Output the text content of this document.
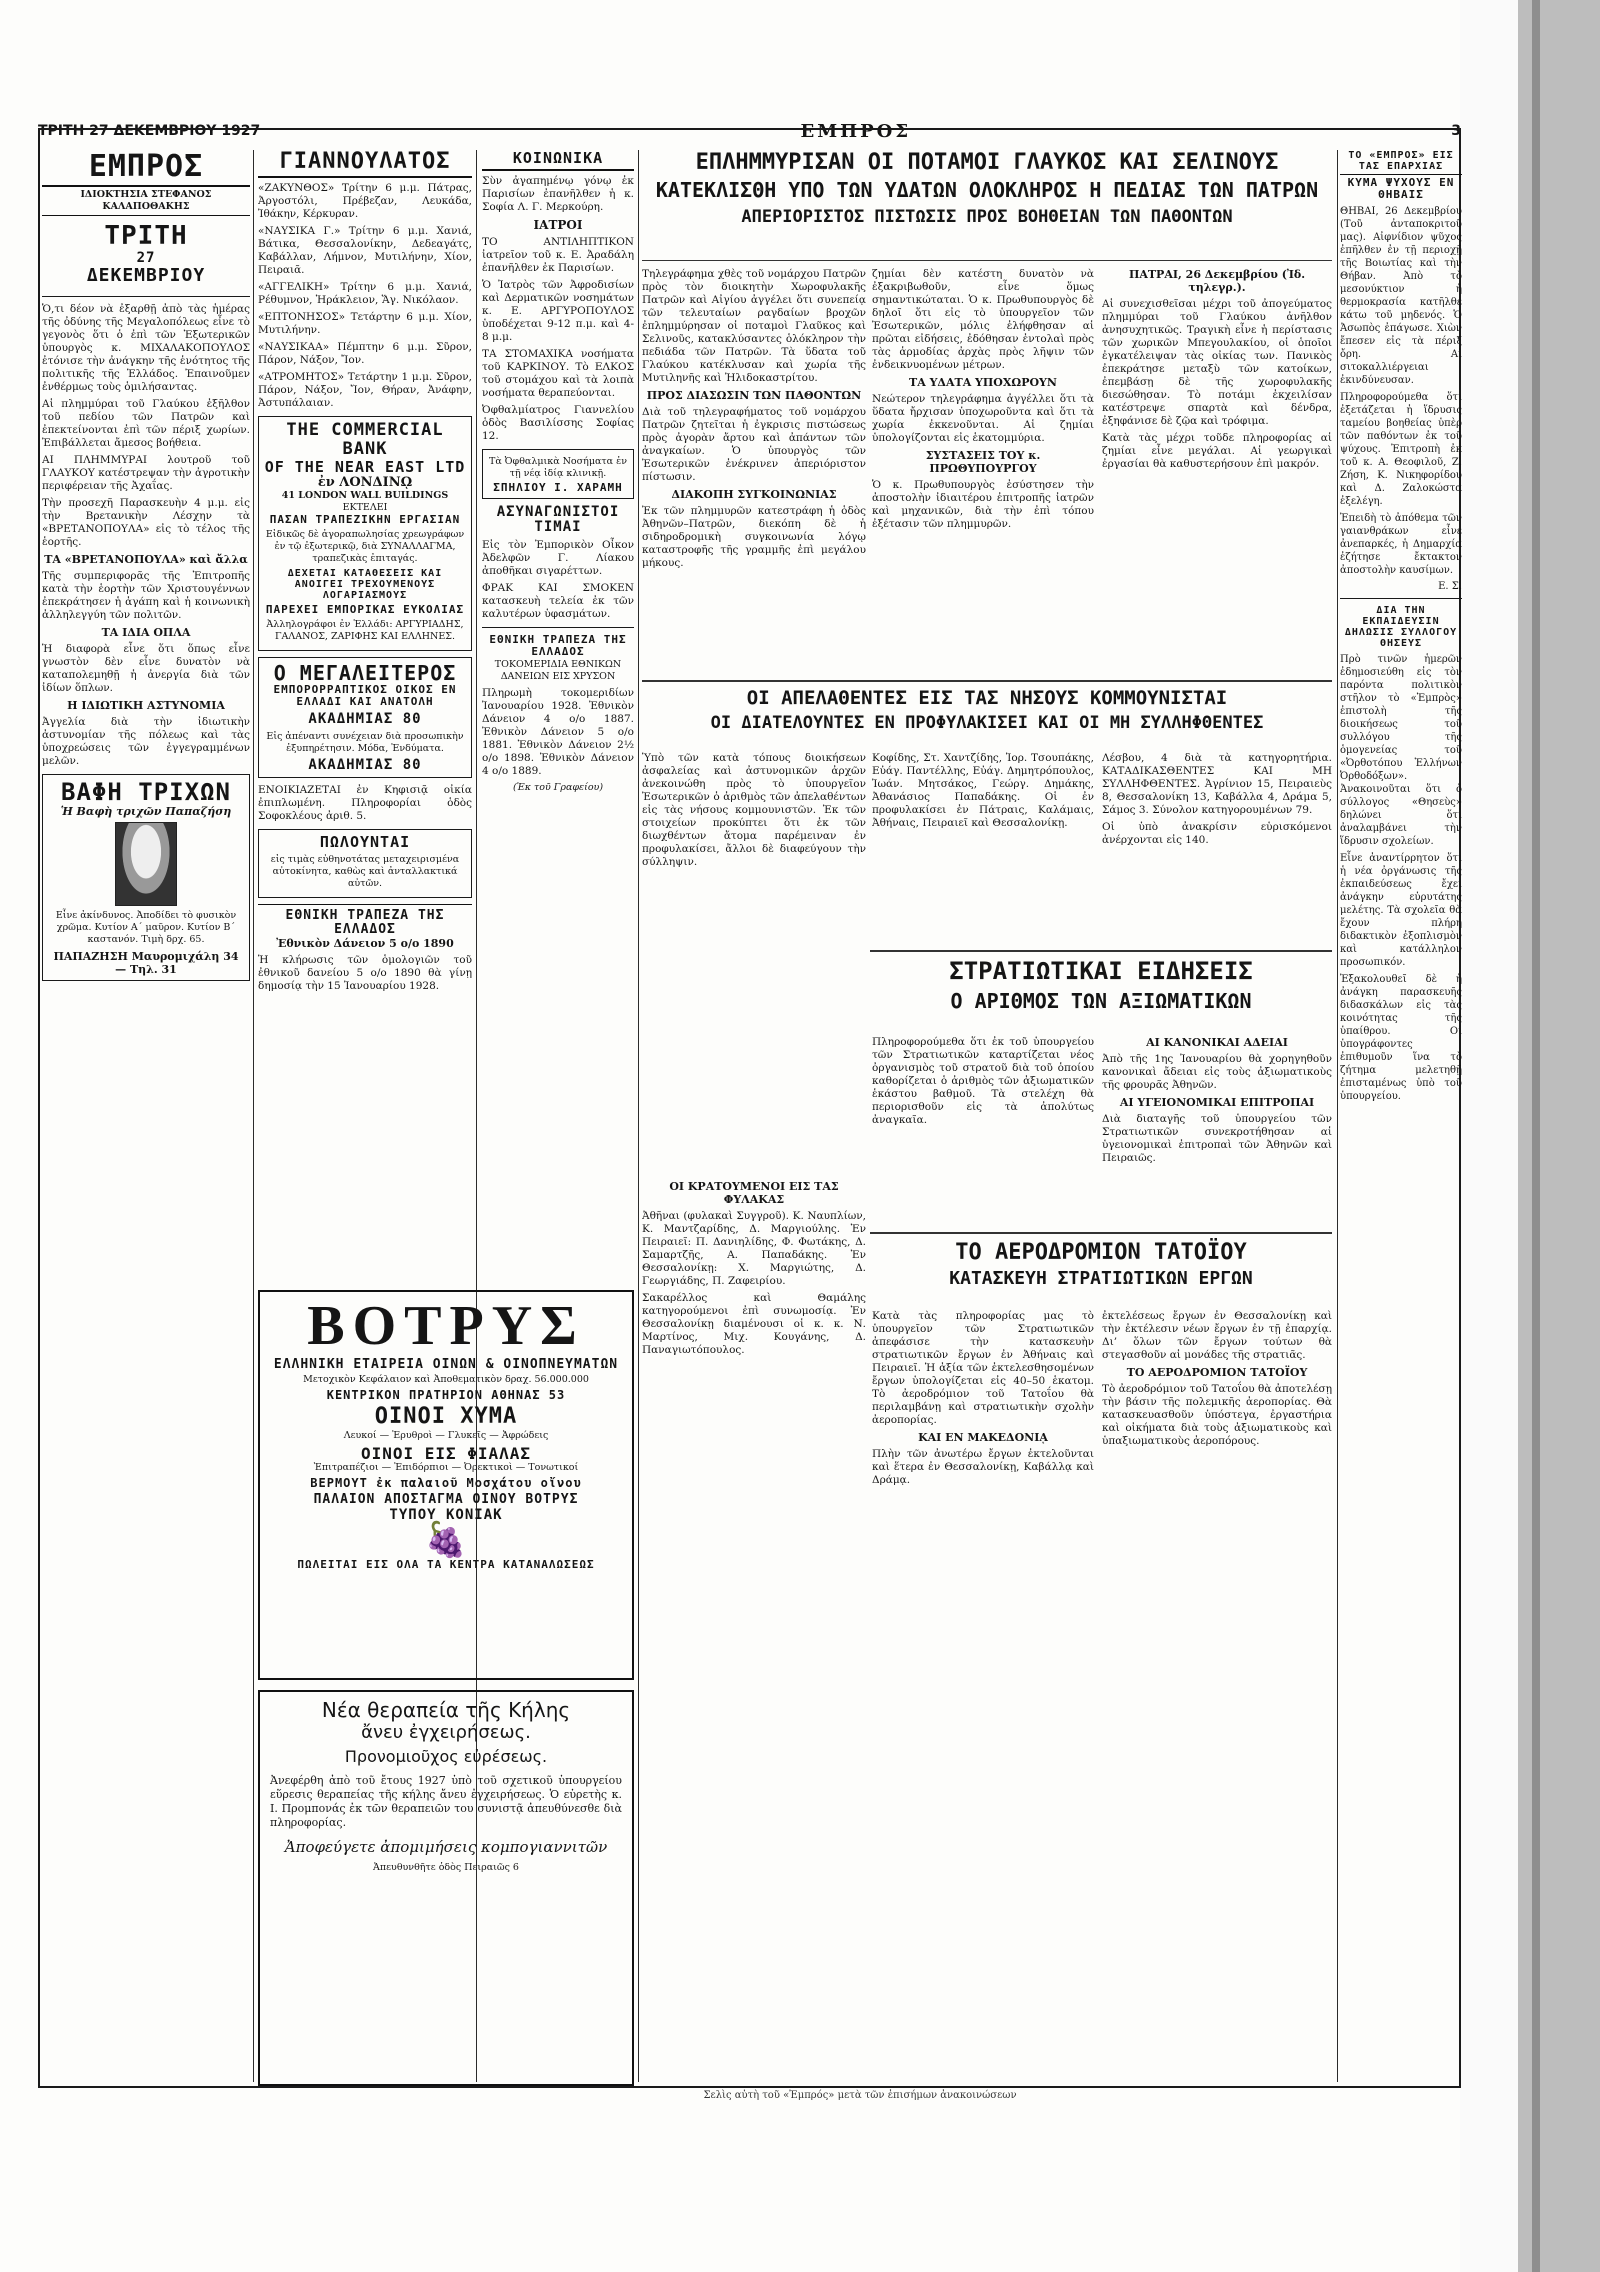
ΤΡΙΤΗ 27 ΔΕΚΕΜΒΡΙΟΥ 1927	ΕΜΠΡΟΣ	3
ΕΜΠΡΟΣ
ΙΔΙΟΚΤΗΣΙΑ ΣΤΕΦΑΝΟΣ ΚΑΛΑΠΟΘΑΚΗΣ
ΤΡΙΤΗ
27
ΔΕΚΕΜΒΡΙΟΥ

Ὁ,τι δέον νὰ ἐξαρθῇ ἀπὸ τὰς ἡμέρας τῆς ὀδύνης τῆς Μεγαλοπόλεως εἶνε τὸ γεγονὸς ὅτι ὁ ἐπὶ τῶν Ἐξωτερικῶν ὑπουργὸς κ. ΜΙΧΑΛΑΚΟΠΟΥΛΟΣ ἐτόνισε τὴν ἀνάγκην τῆς ἑνότητος τῆς πολιτικῆς τῆς Ἑλλάδος. Ἐπαινοῦμεν ἐνθέρμως τοὺς ὁμιλήσαντας.

Αἱ πλημμύραι τοῦ Γλαύκου ἐξῆλθον τοῦ πεδίου τῶν Πατρῶν καὶ ἐπεκτείνονται ἐπὶ τῶν πέριξ χωρίων. Ἐπιβάλλεται ἄμεσος βοήθεια.

ΑΙ ΠΛΗΜΜΥΡΑΙ λουτροῦ τοῦ ΓΛΑΥΚΟΥ κατέστρεψαν τὴν ἀγροτικὴν περιφέρειαν τῆς Ἀχαΐας.

Τὴν προσεχῆ Παρασκευὴν 4 μ.μ. εἰς τὴν Βρετανικὴν Λέσχην τὰ «ΒΡΕΤΑΝΟΠΟΥΛΑ» εἰς τὸ τέλος τῆς ἑορτῆς.

ΤΑ «ΒΡΕΤΑΝΟΠΟΥΛΑ» καὶ ἄλλα

Τῆς συμπεριφορᾶς τῆς Ἐπιτροπῆς κατὰ τὴν ἑορτὴν τῶν Χριστουγέννων ἐπεκράτησεν ἡ ἀγάπη καὶ ἡ κοινωνικὴ ἀλληλεγγύη τῶν πολιτῶν.

ΤΑ ΙΔΙΑ ΟΠΛΑ

Ἡ διαφορὰ εἶνε ὅτι ὅπως εἶνε γνωστὸν δὲν εἶνε δυνατὸν νὰ καταπολεμηθῇ ἡ ἀνεργία διὰ τῶν ἰδίων ὅπλων.

Η ΙΔΙΩΤΙΚΗ ΑΣΤΥΝΟΜΙΑ

Ἀγγελία διὰ τὴν ἰδιωτικὴν ἀστυνομίαν τῆς πόλεως καὶ τὰς ὑποχρεώσεις τῶν ἐγγεγραμμένων μελῶν.

ΒΑΦΗ ΤΡΙΧΩΝ
Ἡ Βαφὴ τριχῶν Παπαζήση

Εἶνε ἀκίνδυνος. Ἀποδίδει τὸ φυσικὸν χρῶμα. Κυτίον Α΄ μαῦρον. Κυτίον Β΄ καστανόν. Τιμὴ δρχ. 65.

ΠΑΠΑΖΗΣΗ Μαυρομιχάλη 34 — Τηλ. 31
ΓΙΑΝΝΟΥΛΑΤΟΣ

«ΖΑΚΥΝΘΟΣ» Τρίτην 6 μ.μ. Πάτρας, Ἀργοστόλι, Πρέβεζαν, Λευκάδα, Ἰθάκην, Κέρκυραν.

«ΝΑΥΣΙΚΑ Γ.» Τρίτην 6 μ.μ. Χανιά, Βάτικα, Θεσσαλονίκην, Δεδεαγάτς, Καβάλλαν, Λήμνον, Μυτιλήνην, Χίον, Πειραιᾶ.

«ΑΓΓΕΛΙΚΗ» Τρίτην 6 μ.μ. Χανιά, Ρέθυμνον, Ἡράκλειον, Ἅγ. Νικόλαον.

«ΕΠΤΟΝΗΣΟΣ» Τετάρτην 6 μ.μ. Χίον, Μυτιλήνην.

«ΝΑΥΣΙΚΑΑ» Πέμπτην 6 μ.μ. Σῦρον, Πάρον, Νάξον, Ἴον.

«ΑΤΡΟΜΗΤΟΣ» Τετάρτην 1 μ.μ. Σῦρον, Πάρον, Νάξον, Ἴον, Θήραν, Ἀνάφην, Ἀστυπάλαιαν.

THE COMMERCIAL BANK
OF THE NEAR EAST LTD
ἐν ΛΟΝΔΙΝῼ
41 LONDON WALL BUILDINGS
ΕΚΤΕΛΕΙ
ΠΑΣΑΝ ΤΡΑΠΕΖΙΚΗΝ ΕΡΓΑΣΙΑΝ

Εἰδικῶς δὲ ἀγοραπωλησίας χρεωγράφων ἐν τῷ ἐξωτερικῷ, διὰ ΣΥΝΑΛΛΑΓΜΑ, τραπεζικὰς ἐπιταγάς.

ΔΕΧΕΤΑΙ ΚΑΤΑΘΕΣΕΙΣ ΚΑΙ ΑΝΟΙΓΕΙ ΤΡΕΧΟΥΜΕΝΟΥΣ ΛΟΓΑΡΙΑΣΜΟΥΣ
ΠΑΡΕΧΕΙ ΕΜΠΟΡΙΚΑΣ ΕΥΚΟΛΙΑΣ

Ἀλληλογράφοι ἐν Ἑλλάδι: ΑΡΓΥΡΙΑΔΗΣ, ΓΑΛΑΝΟΣ, ΖΑΡΙΦΗΣ ΚΑΙ ΕΛΛΗΝΕΣ.

Ο ΜΕΓΑΛΕΙΤΕΡΟΣ
ΕΜΠΟΡΟΡΡΑΠΤΙΚΟΣ ΟΙΚΟΣ ΕΝ ΕΛΛΑΔΙ ΚΑΙ ΑΝΑΤΟΛΗ
ΑΚΑΔΗΜΙΑΣ 80

Εἰς ἀπέναντι συνέχειαν διὰ προσωπικὴν ἐξυπηρέτησιν. Μόδα, Ἐνδύματα.

ΑΚΑΔΗΜΙΑΣ 80

ΕΝΟΙΚΙΑΖΕΤΑΙ ἐν Κηφισιᾷ οἰκία ἐπιπλωμένη. Πληροφορίαι ὁδὸς Σοφοκλέους ἀριθ. 5.

ΠΩΛΟΥΝΤΑΙ

εἰς τιμὰς εὐθηνοτάτας μεταχειρισμένα αὐτοκίνητα, καθὼς καὶ ἀνταλλακτικά αὐτῶν.

ΕΘΝΙΚΗ ΤΡΑΠΕΖΑ ΤΗΣ ΕΛΛΑΔΟΣ
Ἐθνικὸν Δάνειον 5 ο/ο 1890

Ἡ κλήρωσις τῶν ὁμολογιῶν τοῦ ἐθνικοῦ δανείου 5 ο/ο 1890 θὰ γίνῃ δημοσίᾳ τὴν 15 Ἰανουαρίου 1928.

ΚΟΙΝΩΝΙΚΑ

Σὺν ἀγαπημένῳ γόνῳ ἐκ Παρισίων ἐπανῆλθεν ἡ κ. Σοφία Λ. Γ. Μερκούρη.

ΙΑΤΡΟΙ

ΤΟ ΑΝΤΙΛΗΠΤΙΚΟΝ ἰατρεῖον τοῦ κ. Ε. Ἀραδάλη ἐπανῆλθεν ἐκ Παρισίων.

Ὁ Ἰατρὸς τῶν Ἀφροδισίων καὶ Δερματικῶν νοσημάτων κ. Ε. ΑΡΓΥΡΟΠΟΥΛΟΣ ὑποδέχεται 9-12 π.μ. καὶ 4-8 μ.μ.

ΤΑ ΣΤΟΜΑΧΙΚΑ νοσήματα τοῦ ΚΑΡΚΙΝΟΥ. Τὸ ΕΛΚΟΣ τοῦ στομάχου καὶ τὰ λοιπὰ νοσήματα θεραπεύονται.

Ὀφθαλμίατρος Γιαννελίου ὁδὸς Βασιλίσσης Σοφίας 12.

Τὰ Ὀφθαλμικὰ Νοσήματα ἐν τῇ νέᾳ ἰδίᾳ κλινικῇ.

ΣΠΗΛΙΟΥ Ι. ΧΑΡΑΜΗ
ΑΣΥΝΑΓΩΝΙΣΤΟΙ ΤΙΜΑΙ

Εἰς τὸν Ἐμπορικὸν Οἶκον Ἀδελφῶν Γ. Λίακου ἀποθῆκαι σιγαρέττων.

ΦΡΑΚ ΚΑΙ ΣΜΟΚΕΝ κατασκευὴ τελεία ἐκ τῶν καλυτέρων ὑφασμάτων.

ΕΘΝΙΚΗ ΤΡΑΠΕΖΑ ΤΗΣ ΕΛΛΑΔΟΣ
ΤΟΚΟΜΕΡΙΔΙΑ ΕΘΝΙΚΩΝ ΔΑΝΕΙΩΝ ΕΙΣ ΧΡΥΣΟΝ

Πληρωμὴ τοκομεριδίων Ἰανουαρίου 1928. Ἐθνικὸν Δάνειον 4 ο/ο 1887. Ἐθνικὸν Δάνειον 5 ο/ο 1881. Ἐθνικὸν Δάνειον 2½ ο/ο 1898. Ἐθνικὸν Δάνειον 4 ο/ο 1889.

(Ἐκ τοῦ Γραφείου)
ΕΠΛΗΜΜΥΡΙΣΑΝ ΟΙ ΠΟΤΑΜΟΙ ΓΛΑΥΚΟΣ ΚΑΙ ΣΕΛΙΝΟΥΣ
ΚΑΤΕΚΛΙΣΘΗ ΥΠΟ ΤΩΝ ΥΔΑΤΩΝ ΟΛΟΚΛΗΡΟΣ Η ΠΕΔΙΑΣ ΤΩΝ ΠΑΤΡΩΝ
ΑΠΕΡΙΟΡΙΣΤΟΣ ΠΙΣΤΩΣΙΣ ΠΡΟΣ ΒΟΗΘΕΙΑΝ ΤΩΝ ΠΑΘΟΝΤΩΝ

Τηλεγράφημα χθὲς τοῦ νομάρχου Πατρῶν πρὸς τὸν διοικητὴν Χωροφυλακῆς Πατρῶν καὶ Αἰγίου ἀγγέλει ὅτι συνεπείᾳ τῶν τελευταίων ραγδαίων βροχῶν ἐπλημμύρησαν οἱ ποταμοὶ Γλαῦκος καὶ Σελινοῦς, κατακλύσαντες ὁλόκληρον τὴν πεδιάδα τῶν Πατρῶν. Τὰ ὕδατα τοῦ Γλαύκου κατέκλυσαν καὶ χωρία τῆς Μυτιληνῆς καὶ Ἠλιδοκαστρίτου.

ΠΡΟΣ ΔΙΑΣΩΣΙΝ ΤΩΝ ΠΑΘΟΝΤΩΝ

Διὰ τοῦ τηλεγραφήματος τοῦ νομάρχου Πατρῶν ζητεῖται ἡ ἐγκρισις πιστώσεως πρὸς ἀγορὰν ἄρτου καὶ ἀπάντων τῶν ἀναγκαίων. Ὁ ὑπουργὸς τῶν Ἐσωτερικῶν ἐνέκρινεν ἀπεριόριστον πίστωσιν.

ΔΙΑΚΟΠΗ ΣΥΓΚΟΙΝΩΝΙΑΣ

Ἐκ τῶν πλημμυρῶν κατεστράφη ἡ ὁδὸς Ἀθηνῶν–Πατρῶν, διεκόπη δὲ ἡ σιδηροδρομικὴ συγκοινωνία λόγῳ καταστροφῆς τῆς γραμμῆς ἐπὶ μεγάλου μήκους.

ζημίαι δὲν κατέστη δυνατὸν νὰ ἐξακριβωθοῦν, εἶνε ὅμως σημαντικώταται. Ὁ κ. Πρωθυπουργὸς δὲ δηλοῖ ὅτι εἰς τὸ ὑπουργεῖον τῶν Ἐσωτερικῶν, μόλις ἐλήφθησαν αἱ πρῶται εἰδήσεις, ἐδόθησαν ἐντολαὶ πρὸς τὰς ἁρμοδίας ἀρχὰς πρὸς λῆψιν τῶν ἐνδεικνυομένων μέτρων.

ΤΑ ΥΔΑΤΑ ΥΠΟΧΩΡΟΥΝ

Νεώτερον τηλεγράφημα ἀγγέλλει ὅτι τὰ ὕδατα ἤρχισαν ὑποχωροῦντα καὶ ὅτι τὰ χωρία ἐκκενοῦνται. Αἱ ζημίαι ὑπολογίζονται εἰς ἑκατομμύρια.

ΣΥΣΤΑΣΕΙΣ ΤΟΥ κ. ΠΡΩΘΥΠΟΥΡΓΟΥ

Ὁ κ. Πρωθυπουργὸς ἐσύστησεν τὴν ἀποστολὴν ἰδιαιτέρου ἐπιτροπῆς ἰατρῶν καὶ μηχανικῶν, διὰ τὴν ἐπὶ τόπου ἐξέτασιν τῶν πλημμυρῶν.

ΠΑΤΡΑΙ, 26 Δεκεμβρίου (Ἰδ. τηλεγρ.).

Αἱ συνεχισθεῖσαι μέχρι τοῦ ἀπογεύματος πλημμύραι τοῦ Γλαύκου ἀνῆλθον ἀνησυχητικῶς. Τραγικὴ εἶνε ἡ περίστασις τῶν χωρικῶν Μπεγουλακίου, οἱ ὁποῖοι ἐγκατέλειψαν τὰς οἰκίας των. Πανικὸς ἐπεκράτησε μεταξὺ τῶν κατοίκων, ἐπεμβάσῃ δὲ τῆς χωροφυλακῆς διεσώθησαν. Τὸ ποτάμι ἐκχειλίσαν κατέστρεψε σπαρτὰ καὶ δένδρα, ἐξηφάνισε δὲ ζῷα καὶ τρόφιμα.

Κατὰ τὰς μέχρι τοῦδε πληροφορίας αἱ ζημίαι εἶνε μεγάλαι. Αἱ γεωργικαὶ ἐργασίαι θὰ καθυστερήσουν ἐπὶ μακρόν.

ΟΙ ΑΠΕΛΑΘΕΝΤΕΣ ΕΙΣ ΤΑΣ ΝΗΣΟΥΣ ΚΟΜΜΟΥΝΙΣΤΑΙ
ΟΙ ΔΙΑΤΕΛΟΥΝΤΕΣ ΕΝ ΠΡΟΦΥΛΑΚΙΣΕΙ ΚΑΙ ΟΙ ΜΗ ΣΥΛΛΗΦΘΕΝΤΕΣ

Ὑπὸ τῶν κατὰ τόπους διοικήσεων ἀσφαλείας καὶ ἀστυνομικῶν ἀρχῶν ἀνεκοινώθη πρὸς τὸ ὑπουργεῖον Ἐσωτερικῶν ὁ ἀριθμὸς τῶν ἀπελαθέντων εἰς τὰς νήσους κομμουνιστῶν. Ἐκ τῶν στοιχείων προκύπτει ὅτι ἐκ τῶν διωχθέντων ἄτομα παρέμειναν ἐν προφυλακίσει, ἄλλοι δὲ διαφεύγουν τὴν σύλληψιν.

Κοφίδης, Στ. Χαντζίδης, Ἰορ. Τσουπάκης, Εὐάγ. Παντέλλης, Εὐάγ. Δημητρόπουλος, Ἰωάν. Μητσάκος, Γεώργ. Δημάκης, Ἀθανάσιος Παπαδάκης. Οἱ ἐν προφυλακίσει ἐν Πάτραις, Καλάμαις, Ἀθήναις, Πειραιεῖ καὶ Θεσσαλονίκῃ.

Λέσβου, 4 διὰ τὰ κατηγορητήρια. ΚΑΤΑΔΙΚΑΣΘΕΝΤΕΣ ΚΑΙ ΜΗ ΣΥΛΛΗΦΘΕΝΤΕΣ. Ἀγρίνιον 15, Πειραιεὺς 8, Θεσσαλονίκη 13, Καβάλλα 4, Δράμα 5, Σάμος 3. Σύνολον κατηγορουμένων 79.

Οἱ ὑπὸ ἀνακρίσιν εὑρισκόμενοι ἀνέρχονται εἰς 140.

ΣΤΡΑΤΙΩΤΙΚΑΙ ΕΙΔΗΣΕΙΣ
Ο ΑΡΙΘΜΟΣ ΤΩΝ ΑΞΙΩΜΑΤΙΚΩΝ

Πληροφορούμεθα ὅτι ἐκ τοῦ ὑπουργείου τῶν Στρατιωτικῶν καταρτίζεται νέος ὀργανισμὸς τοῦ στρατοῦ διὰ τοῦ ὁποίου καθορίζεται ὁ ἀριθμὸς τῶν ἀξιωματικῶν ἑκάστου βαθμοῦ. Τὰ στελέχη θὰ περιορισθοῦν εἰς τὰ ἀπολύτως ἀναγκαῖα.

ΑΙ ΚΑΝΟΝΙΚΑΙ ΑΔΕΙΑΙ

Ἀπὸ τῆς 1ης Ἰανουαρίου θὰ χορηγηθοῦν κανονικαὶ ἄδειαι εἰς τοὺς ἀξιωματικοὺς τῆς φρουρᾶς Ἀθηνῶν.

ΑΙ ΥΓΕΙΟΝΟΜΙΚΑΙ ΕΠΙΤΡΟΠΑΙ

Διὰ διαταγῆς τοῦ ὑπουργείου τῶν Στρατιωτικῶν συνεκροτήθησαν αἱ ὑγειονομικαὶ ἐπιτροπαὶ τῶν Ἀθηνῶν καὶ Πειραιῶς.

ΤΟ ΑΕΡΟΔΡΟΜΙΟΝ ΤΑΤΟΪΟΥ
ΚΑΤΑΣΚΕΥΗ ΣΤΡΑΤΙΩΤΙΚΩΝ ΕΡΓΩΝ

Κατὰ τὰς πληροφορίας μας τὸ ὑπουργεῖον τῶν Στρατιωτικῶν ἀπεφάσισε τὴν κατασκευὴν στρατιωτικῶν ἔργων ἐν Ἀθήναις καὶ Πειραιεῖ. Ἡ ἀξία τῶν ἐκτελεσθησομένων ἔργων ὑπολογίζεται εἰς 40–50 ἑκατομ. Τὸ ἀεροδρόμιον τοῦ Τατοΐου θὰ περιλαμβάνῃ καὶ στρατιωτικὴν σχολὴν ἀεροπορίας.

ΚΑΙ ΕΝ ΜΑΚΕΔΟΝΙᾼ

Πλὴν τῶν ἀνωτέρω ἔργων ἐκτελοῦνται καὶ ἕτερα ἐν Θεσσαλονίκῃ, Καβάλλᾳ καὶ Δράμᾳ.

ἐκτελέσεως ἔργων ἐν Θεσσαλονίκῃ καὶ τὴν ἐκτέλεσιν νέων ἔργων ἐν τῇ ἐπαρχίᾳ. Δι’ ὅλων τῶν ἔργων τούτων θὰ στεγασθοῦν αἱ μονάδες τῆς στρατιᾶς.

ΤΟ ΑΕΡΟΔΡΟΜΙΟΝ ΤΑΤΟΪΟΥ

Τὸ ἀεροδρόμιον τοῦ Τατοΐου θὰ ἀποτελέσῃ τὴν βάσιν τῆς πολεμικῆς ἀεροπορίας. Θὰ κατασκευασθοῦν ὑπόστεγα, ἐργαστήρια καὶ οἰκήματα διὰ τοὺς ἀξιωματικοὺς καὶ ὑπαξιωματικοὺς ἀεροπόρους.

ΟΙ ΚΡΑΤΟΥΜΕΝΟΙ ΕΙΣ ΤΑΣ ΦΥΛΑΚΑΣ

Ἀθῆναι (φυλακαὶ Συγγροῦ). Κ. Ναυπλίων, Κ. Μαντζαρίδης, Δ. Μαργιούλης. Ἐν Πειραιεῖ: Π. Δανιηλίδης, Φ. Φωτάκης, Δ. Σαμαρτζῆς, Α. Παπαδάκης. Ἐν Θεσσαλονίκῃ: Χ. Μαργιώτης, Δ. Γεωργιάδης, Π. Ζαφειρίου.

Σακαρέλλος καὶ Θαμάλης κατηγορούμενοι ἐπὶ συνωμοσίᾳ. Ἐν Θεσσαλονίκῃ διαμένουσι οἱ κ. κ. Ν. Μαρτίνος, Μιχ. Κουγάνης, Δ. Παναγιωτόπουλος.

ΒΟΤΡΥΣ
ΕΛΛΗΝΙΚΗ ΕΤΑΙΡΕΙΑ ΟΙΝΩΝ & ΟΙΝΟΠΝΕΥΜΑΤΩΝ
Μετοχικὸν Κεφάλαιον καὶ Ἀποθεματικὸν δραχ. 56.000.000
ΚΕΝΤΡΙΚΟΝ ΠΡΑΤΗΡΙΟΝ ΑΘΗΝΑΣ 53
ΟΙΝΟΙ ΧΥΜΑ
Λευκοί — Ἐρυθροὶ — Γλυκεῖς — Ἀφρώδεις
ΟΙΝΟΙ ΕΙΣ ΦΙΑΛΑΣ
Ἐπιτραπέζιοι — Ἐπιδόρπιοι — Ὀρεκτικοὶ — Τονωτικοί
ΒΕΡΜΟΥΤ ἐκ παλαιοῦ Μοσχάτου οἴνου
ΠΑΛΑΙΟΝ ΑΠΟΣΤΑΓΜΑ ΟΙΝΟΥ ΒΟΤΡΥΣ
ΤΥΠΟΥ ΚΟΝΙΑΚ
🍇
ΠΩΛΕΙΤΑΙ ΕΙΣ ΟΛΑ ΤΑ ΚΕΝΤΡΑ ΚΑΤΑΝΑΛΩΣΕΩΣ
Νέα θεραπεία τῆς Κήλης
ἄνευ ἐγχειρήσεως.
Προνομιοῦχος εὐρέσεως.

Ἀνεφέρθη ἀπὸ τοῦ ἔτους 1927 ὑπὸ τοῦ σχετικοῦ ὑπουργείου εὕρεσις θεραπείας τῆς κήλης ἄνευ ἐγχειρήσεως. Ὁ εὑρετὴς κ. Ι. Προμπονάς ἐκ τῶν θεραπειῶν του συνιστᾷ ἀπευθύνεσθε διὰ πληροφορίας.

Ἀποφεύγετε ἀπομιμήσεις κομπογιαννιτῶν
Ἀπευθυνθῆτε ὁδὸς Πειραιῶς 6
ΤΟ «ΕΜΠΡΟΣ» ΕΙΣ ΤΑΣ ΕΠΑΡΧΙΑΣ
ΚΥΜΑ ΨΥΧΟΥΣ ΕΝ ΘΗΒΑΙΣ

ΘΗΒΑΙ, 26 Δεκεμβρίου (Τοῦ ἀνταποκριτοῦ μας). Αἰφνίδιον ψῦχος ἐπῆλθεν ἐν τῇ περιοχῇ τῆς Βοιωτίας καὶ τὴν Θήβαν. Ἀπὸ τὸ μεσονύκτιον ἡ θερμοκρασία κατῆλθε κάτω τοῦ μηδενός. Ὁ Ἀσωπὸς ἐπάγωσε. Χιὼν ἔπεσεν εἰς τὰ πέριξ ὄρη. Αἱ σιτοκαλλιέργειαι ἐκινδύνευσαν.

Πληροφορούμεθα ὅτι ἐξετάζεται ἡ ἵδρυσις ταμείου βοηθείας ὑπὲρ τῶν παθόντων ἐκ τοῦ ψύχους. Ἐπιτροπὴ ἐκ τοῦ κ. Α. Θεοφιλοῦ, Ζ. Ζήση, Κ. Νικηφορίδου καὶ Δ. Ζαλοκώστα ἐξελέγη.

Ἐπειδὴ τὸ ἀπόθεμα τῶν γαιανθράκων εἶνε ἀνεπαρκές, ἡ Δημαρχία ἐζήτησε ἔκτακτον ἀποστολὴν καυσίμων.

Ε. Σ.
ΔΙΑ ΤΗΝ ΕΚΠΑΙΔΕΥΣΙΝ
ΔΗΛΩΣΙΣ ΣΥΛΛΟΓΟΥ ΘΗΣΕΥΣ

Πρὸ τινῶν ἡμερῶν ἐδημοσιεύθη εἰς τὸν παρόντα πολιτικὸν στῆλον τὸ «Ἐμπρὸς» ἐπιστολὴ τῆς διοικήσεως τοῦ συλλόγου τῆς ὁμογενείας τοῦ «Ὀρθοτόπου Ἑλλήνων Ὀρθοδόξων». Ἀνακοινοῦται ὅτι ὁ σύλλογος «Θησεὺς» δηλώνει ὅτι ἀναλαμβάνει τὴν ἵδρυσιν σχολείων.

Εἶνε ἀναντίρρητον ὅτι ἡ νέα ὀργάνωσις τῆς ἐκπαιδεύσεως ἔχει ἀνάγκην εὐρυτάτης μελέτης. Τὰ σχολεῖα θὰ ἔχουν πλήρη διδακτικὸν ἐξοπλισμὸν καὶ κατάλληλον προσωπικόν.

Ἐξακολουθεῖ δὲ ἡ ἀνάγκη παρασκευῆς διδασκάλων εἰς τὰς κοινότητας τῆς ὑπαίθρου. Οἱ ὑπογράφοντες ἐπιθυμοῦν ἵνα τὸ ζήτημα μελετηθῇ ἐπισταμένως ὑπὸ τοῦ ὑπουργείου.

Σελὶς αὐτὴ τοῦ «Ἐμπρός» μετὰ τῶν ἐπισήμων ἀνακοινώσεων
